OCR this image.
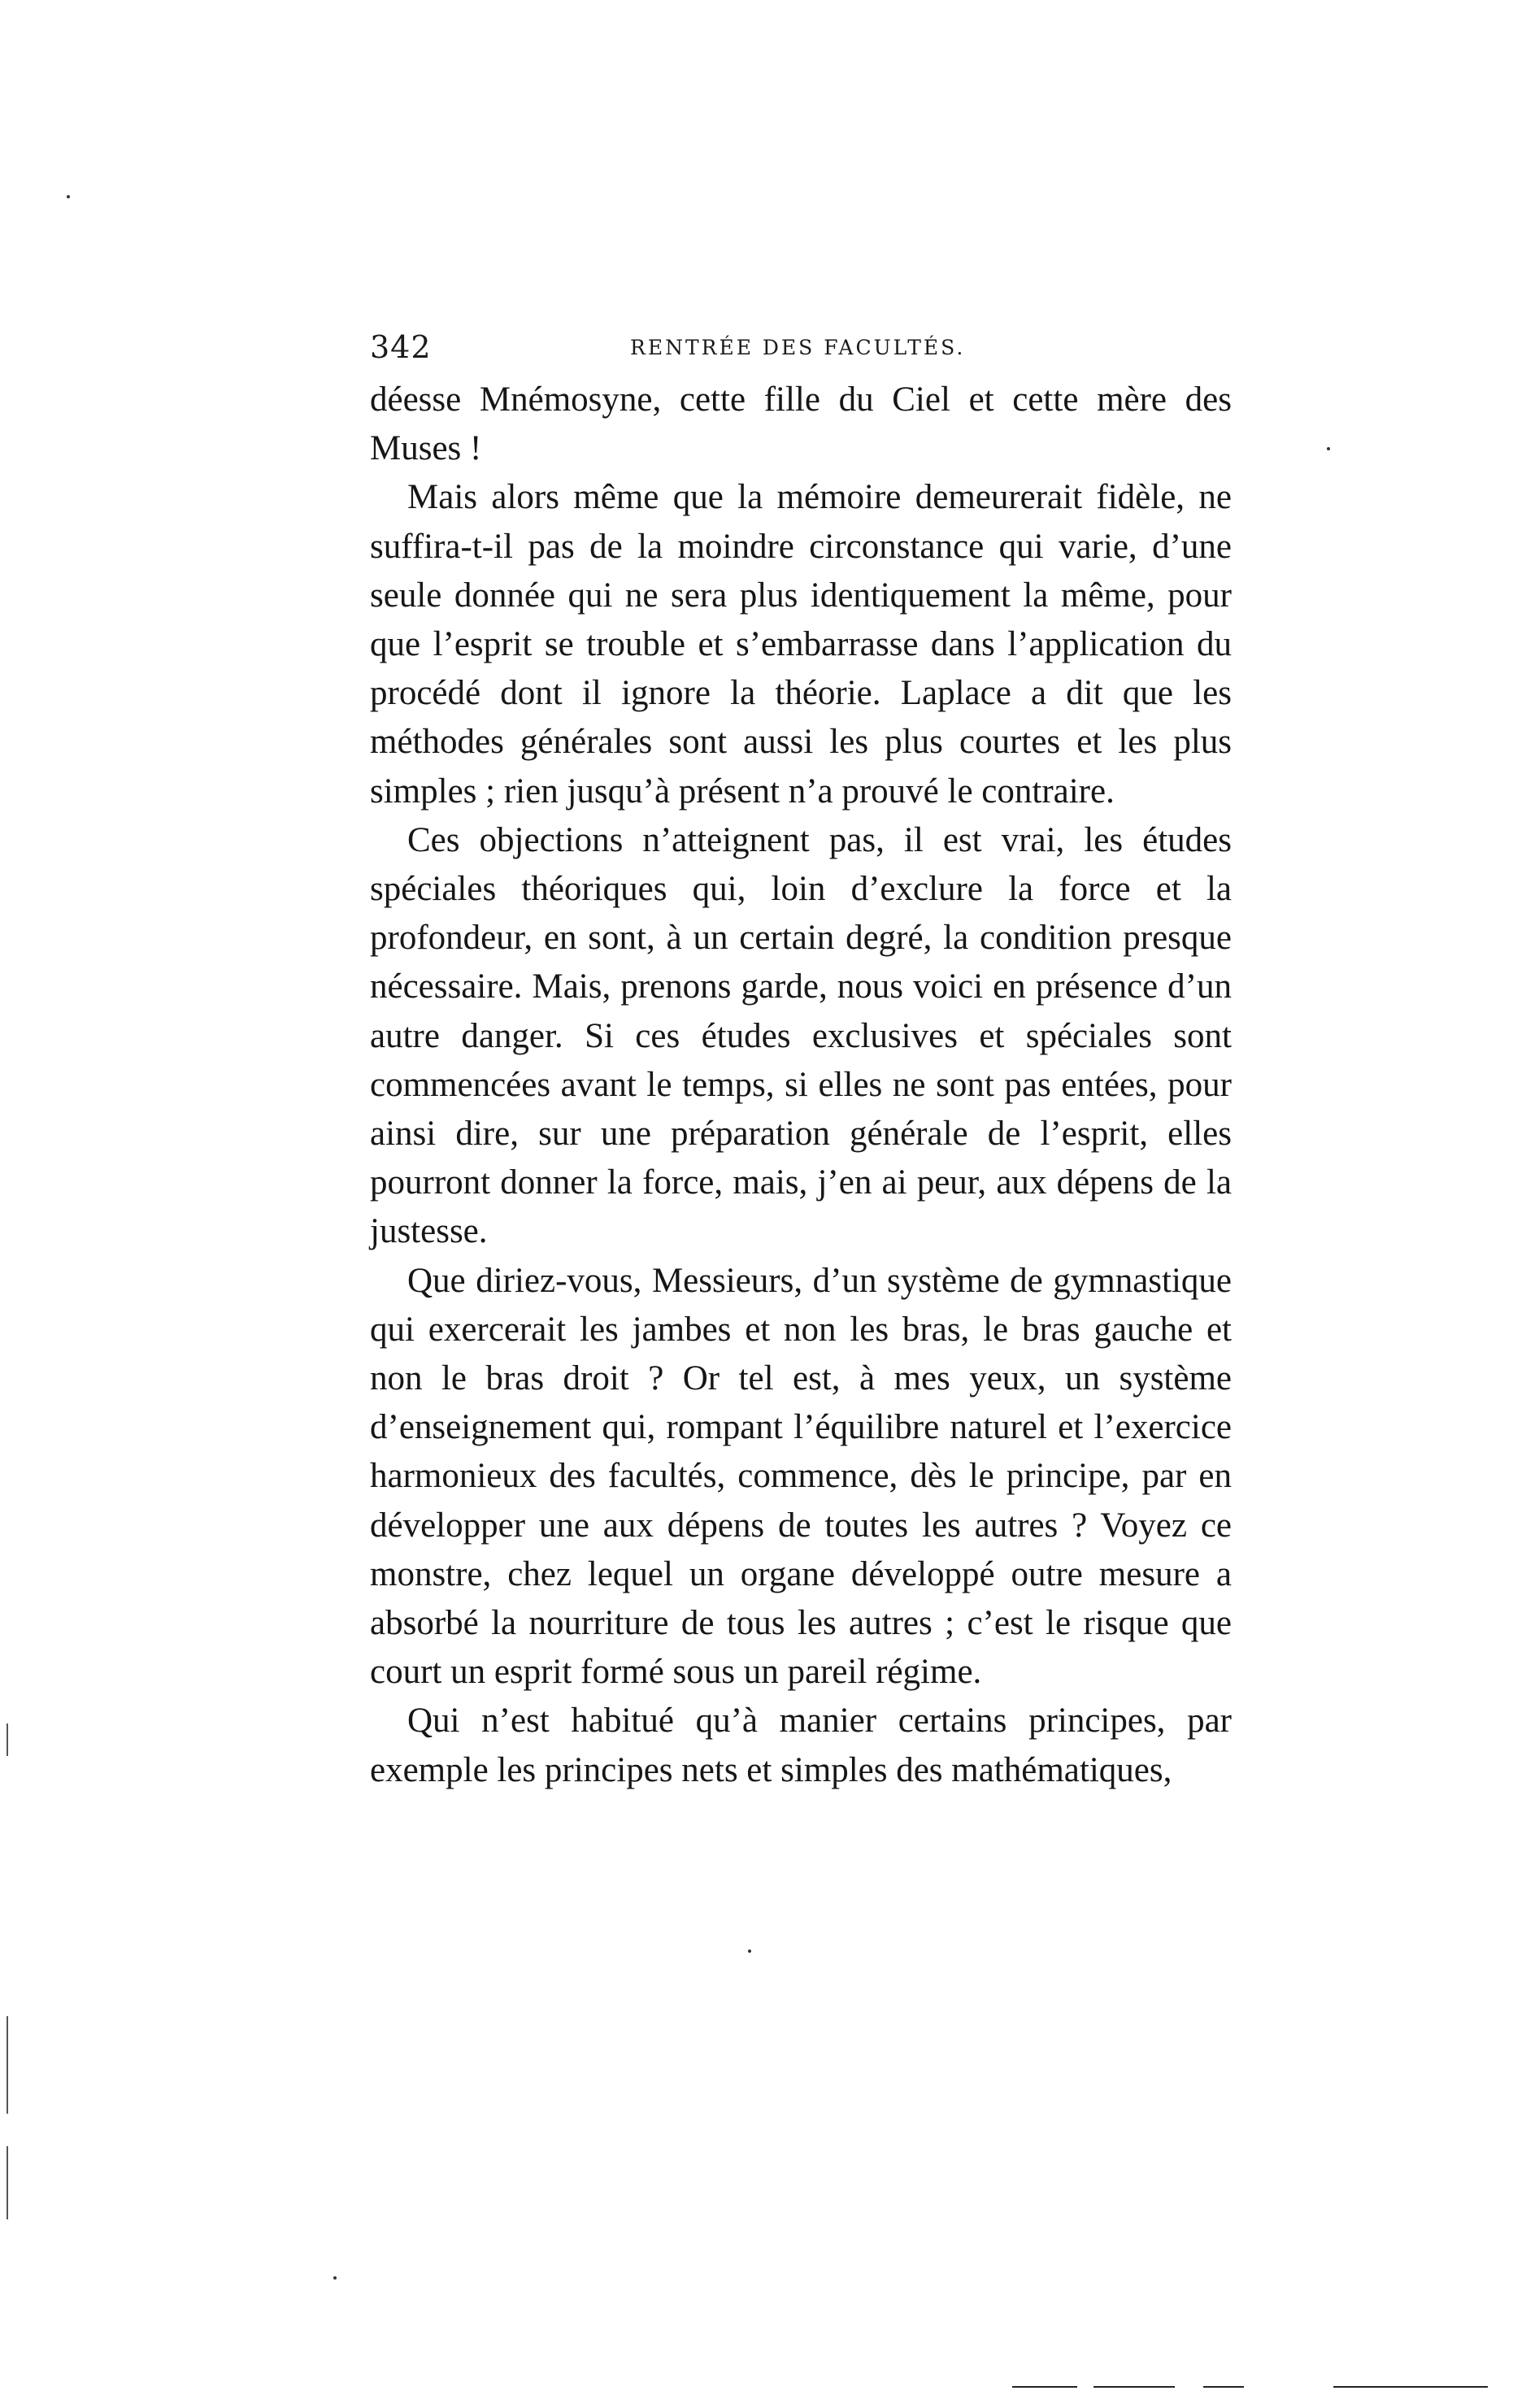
342	RENTRÉE DES FACULTÉS.

déesse Mnémosyne, cette fille du Ciel et cette mère des Muses !

Mais alors même que la mémoire demeurerait fidèle, ne suffira-t-il pas de la moindre circonstance qui varie, d’une seule donnée qui ne sera plus identiquement la même, pour que l’esprit se trouble et s’embarrasse dans l’application du procédé dont il ignore la théorie. Laplace a dit que les méthodes générales sont aussi les plus courtes et les plus simples ; rien jusqu’à présent n’a prouvé le contraire.

Ces objections n’atteignent pas, il est vrai, les études spéciales théoriques qui, loin d’exclure la force et la profondeur, en sont, à un certain degré, la condition presque nécessaire. Mais, prenons garde, nous voici en présence d’un autre danger. Si ces études exclusives et spéciales sont commencées avant le temps, si elles ne sont pas entées, pour ainsi dire, sur une préparation générale de l’esprit, elles pourront donner la force, mais, j’en ai peur, aux dépens de la justesse.

Que diriez-vous, Messieurs, d’un système de gymnastique qui exercerait les jambes et non les bras, le bras gauche et non le bras droit ? Or tel est, à mes yeux, un système d’enseignement qui, rompant l’équilibre naturel et l’exercice harmonieux des facultés, commence, dès le principe, par en développer une aux dépens de toutes les autres ? Voyez ce monstre, chez lequel un organe développé outre mesure a absorbé la nourriture de tous les autres ; c’est le risque que court un esprit formé sous un pareil régime.

Qui n’est habitué qu’à manier certains principes, par exemple les principes nets et simples des mathématiques,
